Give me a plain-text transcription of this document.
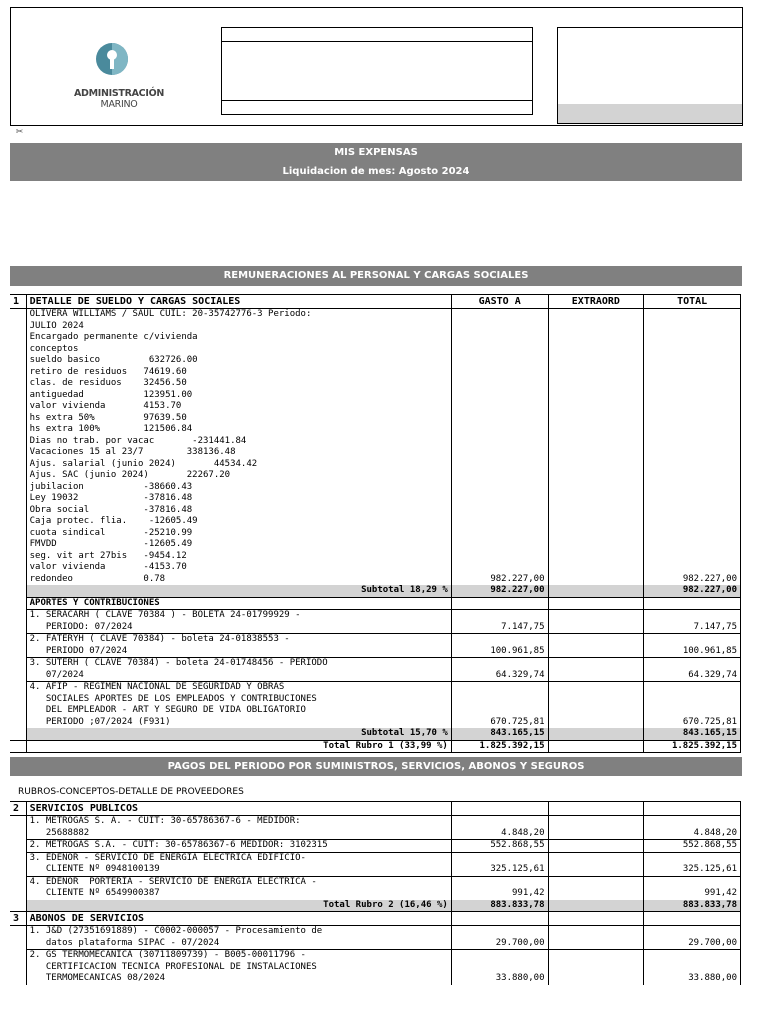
ADMINISTRACIÓN MARINO
✂
MIS EXPENSAS
Liquidacion de mes: Agosto 2024
REMUNERACIONES AL PERSONAL Y CARGAS SOCIALES
1	DETALLE DE SUELDO Y CARGAS SOCIALES	GASTO A	EXTRAORD	TOTAL
	OLIVERA WILLIAMS / SAUL CUIL: 20-35742776-3 Periodo:			
	JULIO 2024			
	Encargado permanente c/vivienda			
	conceptos			
	sueldo basico         632726.00			
	retiro de residuos   74619.60			
	clas. de residuos    32456.50			
	antiguedad           123951.00			
	valor vivienda       4153.70			
	hs extra 50%         97639.50			
	hs extra 100%        121506.84			
	Dias no trab. por vacac       -231441.84			
	Vacaciones 15 al 23/7        338136.48			
	Ajus. salarial (junio 2024)       44534.42			
	Ajus. SAC (junio 2024)       22267.20			
	jubilacion           -38660.43			
	Ley 19032            -37816.48			
	Obra social          -37816.48			
	Caja protec. flia.    -12605.49			
	cuota sindical       -25210.99			
	FMVDD                -12605.49			
	seg. vit art 27bis   -9454.12			
	valor vivienda       -4153.70			
	redondeo             0.78	982.227,00		982.227,00
	Subtotal 18,29 %	982.227,00		982.227,00
	APORTES Y CONTRIBUCIONES			
	1. SERACARH ( CLAVE 70384 ) - BOLETA 24-01799929 -			
	PERIODO: 07/2024	7.147,75		7.147,75
	2. FATERYH ( CLAVE 70384) - boleta 24-01838553 -			
	PERIODO 07/2024	100.961,85		100.961,85
	3. SUTERH ( CLAVE 70384) - boleta 24-01748456 - PERIODO			
	07/2024	64.329,74		64.329,74
	4. AFIP - REGIMEN NACIONAL DE SEGURIDAD Y OBRAS			
	SOCIALES APORTES DE LOS EMPLEADOS Y CONTRIBUCIONES			
	DEL EMPLEADOR - ART Y SEGURO DE VIDA OBLIGATORIO			
	PERIODO ;07/2024 (F931)	670.725,81		670.725,81
	Subtotal 15,70 %	843.165,15		843.165,15
	Total Rubro 1 (33,99 %)	1.825.392,15		1.825.392,15
PAGOS DEL PERIODO POR SUMINISTROS, SERVICIOS, ABONOS Y SEGUROS
RUBROS-CONCEPTOS-DETALLE DE PROVEEDORES
2	SERVICIOS PUBLICOS			
	1. METROGAS S. A. - CUIT: 30-65786367-6 - MEDIDOR:			
	25688882	4.848,20		4.848,20
	2. METROGAS S.A. - CUIT: 30-65786367-6 MEDIDOR: 3102315	552.868,55		552.868,55
	3. EDENOR - SERVICIO DE ENERGIA ELECTRICA EDIFICIO-			
	CLIENTE Nº 0948100139	325.125,61		325.125,61
	4. EDENOR  PORTERIA - SERVICIO DE ENERGIA ELECTRICA -			
	CLIENTE Nº 6549900387	991,42		991,42
	Total Rubro 2 (16,46 %)	883.833,78		883.833,78
3	ABONOS DE SERVICIOS			
	1. J&D (27351691889) - C0002-000057 - Procesamiento de			
	datos plataforma SIPAC - 07/2024	29.700,00		29.700,00
	2. GS TERMOMECANICA (30711809739) - B005-00011796 -			
	CERTIFICACION TECNICA PROFESIONAL DE INSTALACIONES			
	TERMOMECANICAS 08/2024	33.880,00		33.880,00
